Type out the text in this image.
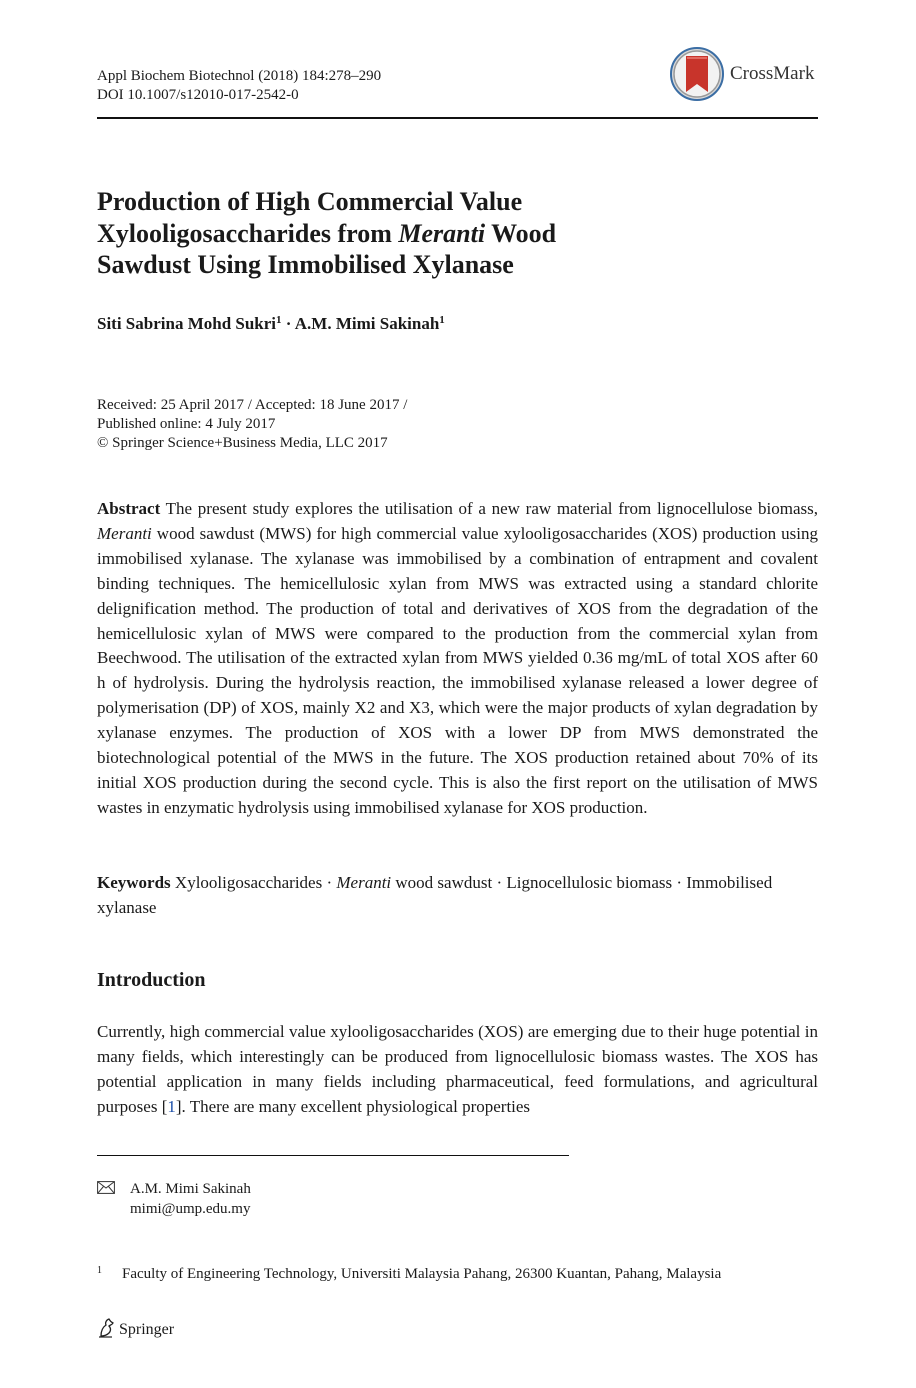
Appl Biochem Biotechnol (2018) 184:278–290
DOI 10.1007/s12010-017-2542-0
CrossMark
Production of High Commercial Value
Xylooligosaccharides from Meranti Wood
Sawdust Using Immobilised Xylanase
Siti Sabrina Mohd Sukri$^1$ · A.M. Mimi Sakinah$^1$
Received: 25 April 2017 / Accepted: 18 June 2017 /
Published online: 4 July 2017
© Springer Science+Business Media, LLC 2017

Abstract The present study explores the utilisation of a new raw material from lignocellulose biomass, Meranti wood sawdust (MWS) for high commercial value xylooligosaccharides (XOS) production using immobilised xylanase. The xylanase was immobilised by a combination of entrapment and covalent binding techniques. The hemicellulosic xylan from MWS was extracted using a standard chlorite delignification method. The production of total and derivatives of XOS from the degradation of the hemicellulosic xylan of MWS were compared to the production from the commercial xylan from Beechwood. The utilisation of the extracted xylan from MWS yielded 0.36 mg/mL of total XOS after 60 h of hydrolysis. During the hydrolysis reaction, the immobilised xylanase released a lower degree of polymerisation (DP) of XOS, mainly X2 and X3, which were the major products of xylan degradation by xylanase enzymes. The production of XOS with a lower DP from MWS demonstrated the biotechnological potential of the MWS in the future. The XOS production retained about 70% of its initial XOS production during the second cycle. This is also the first report on the utilisation of MWS wastes in enzymatic hydrolysis using immobilised xylanase for XOS production.

Keywords Xylooligosaccharides · Meranti wood sawdust · Lignocellulosic biomass · Immobilised xylanase

Introduction

Currently, high commercial value xylooligosaccharides (XOS) are emerging due to their huge potential in many fields, which interestingly can be produced from lignocellulosic biomass wastes. The XOS has potential application in many fields including pharmaceutical, feed formulations, and agricultural purposes [1]. There are many excellent physiological properties

A.M. Mimi Sakinah
mimi@ump.edu.my
$^1$ Faculty of Engineering Technology, Universiti Malaysia Pahang, 26300 Kuantan, Pahang, Malaysia
Springer
